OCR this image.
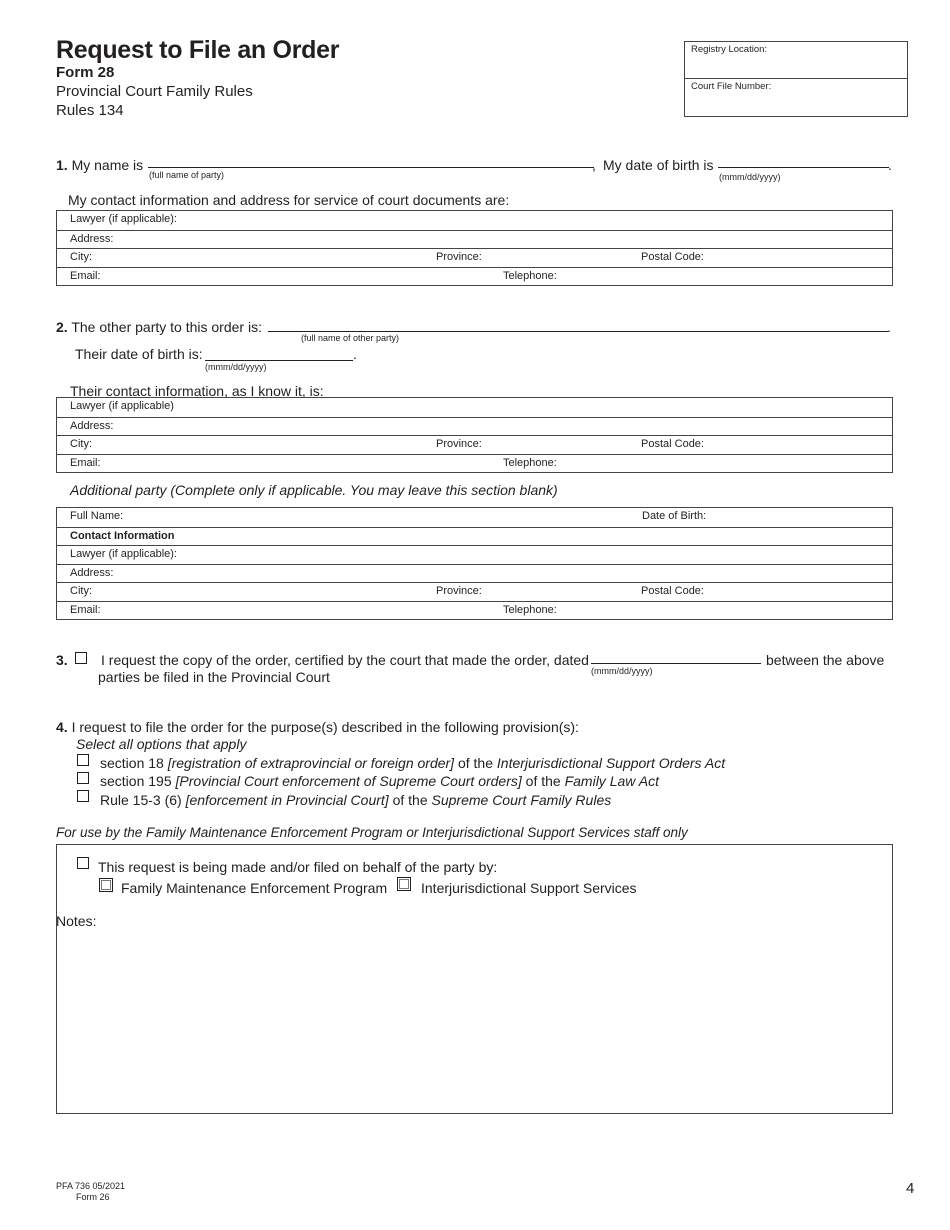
Request to File an Order
Form 28
Provincial Court Family Rules
Rules 134
Registry Location:
Court File Number:
1. My name is
(full name of party)
, My date of birth is	.
(mmm/dd/yyyy)
My contact information and address for service of court documents are:
Lawyer (if applicable):
Address:
City:	Province:	Postal Code:
Email:	Telephone:
2. The other party to this order is:	.
(full name of other party)
Their date of birth is:	.
(mmm/dd/yyyy)
Their contact information, as I know it, is:
Lawyer (if applicable)
Address:
City:	Province:	Postal Code:
Email:	Telephone:
Additional party (Complete only if applicable. You may leave this section blank)
Full Name:	Date of Birth:
Contact Information
Lawyer (if applicable):
Address:
City:	Province:	Postal Code:
Email:	Telephone:
3. I request the copy of the order, certified by the court that made the order, dated
(mmm/dd/yyyy)
between the above
parties be filed in the Provincial Court
4. I request to file the order for the purpose(s) described in the following provision(s):
Select all options that apply
section 18 [registration of extraprovincial or foreign order] of the Interjurisdictional Support Orders Act
section 195 [Provincial Court enforcement of Supreme Court orders] of the Family Law Act
Rule 15-3 (6) [enforcement in Provincial Court] of the Supreme Court Family Rules
For use by the Family Maintenance Enforcement Program or Interjurisdictional Support Services staff only
This request is being made and/or filed on behalf of the party by:
Family Maintenance Enforcement Program Interjurisdictional Support Services
Notes:
PFA 736 05/2021
Form 26	4
